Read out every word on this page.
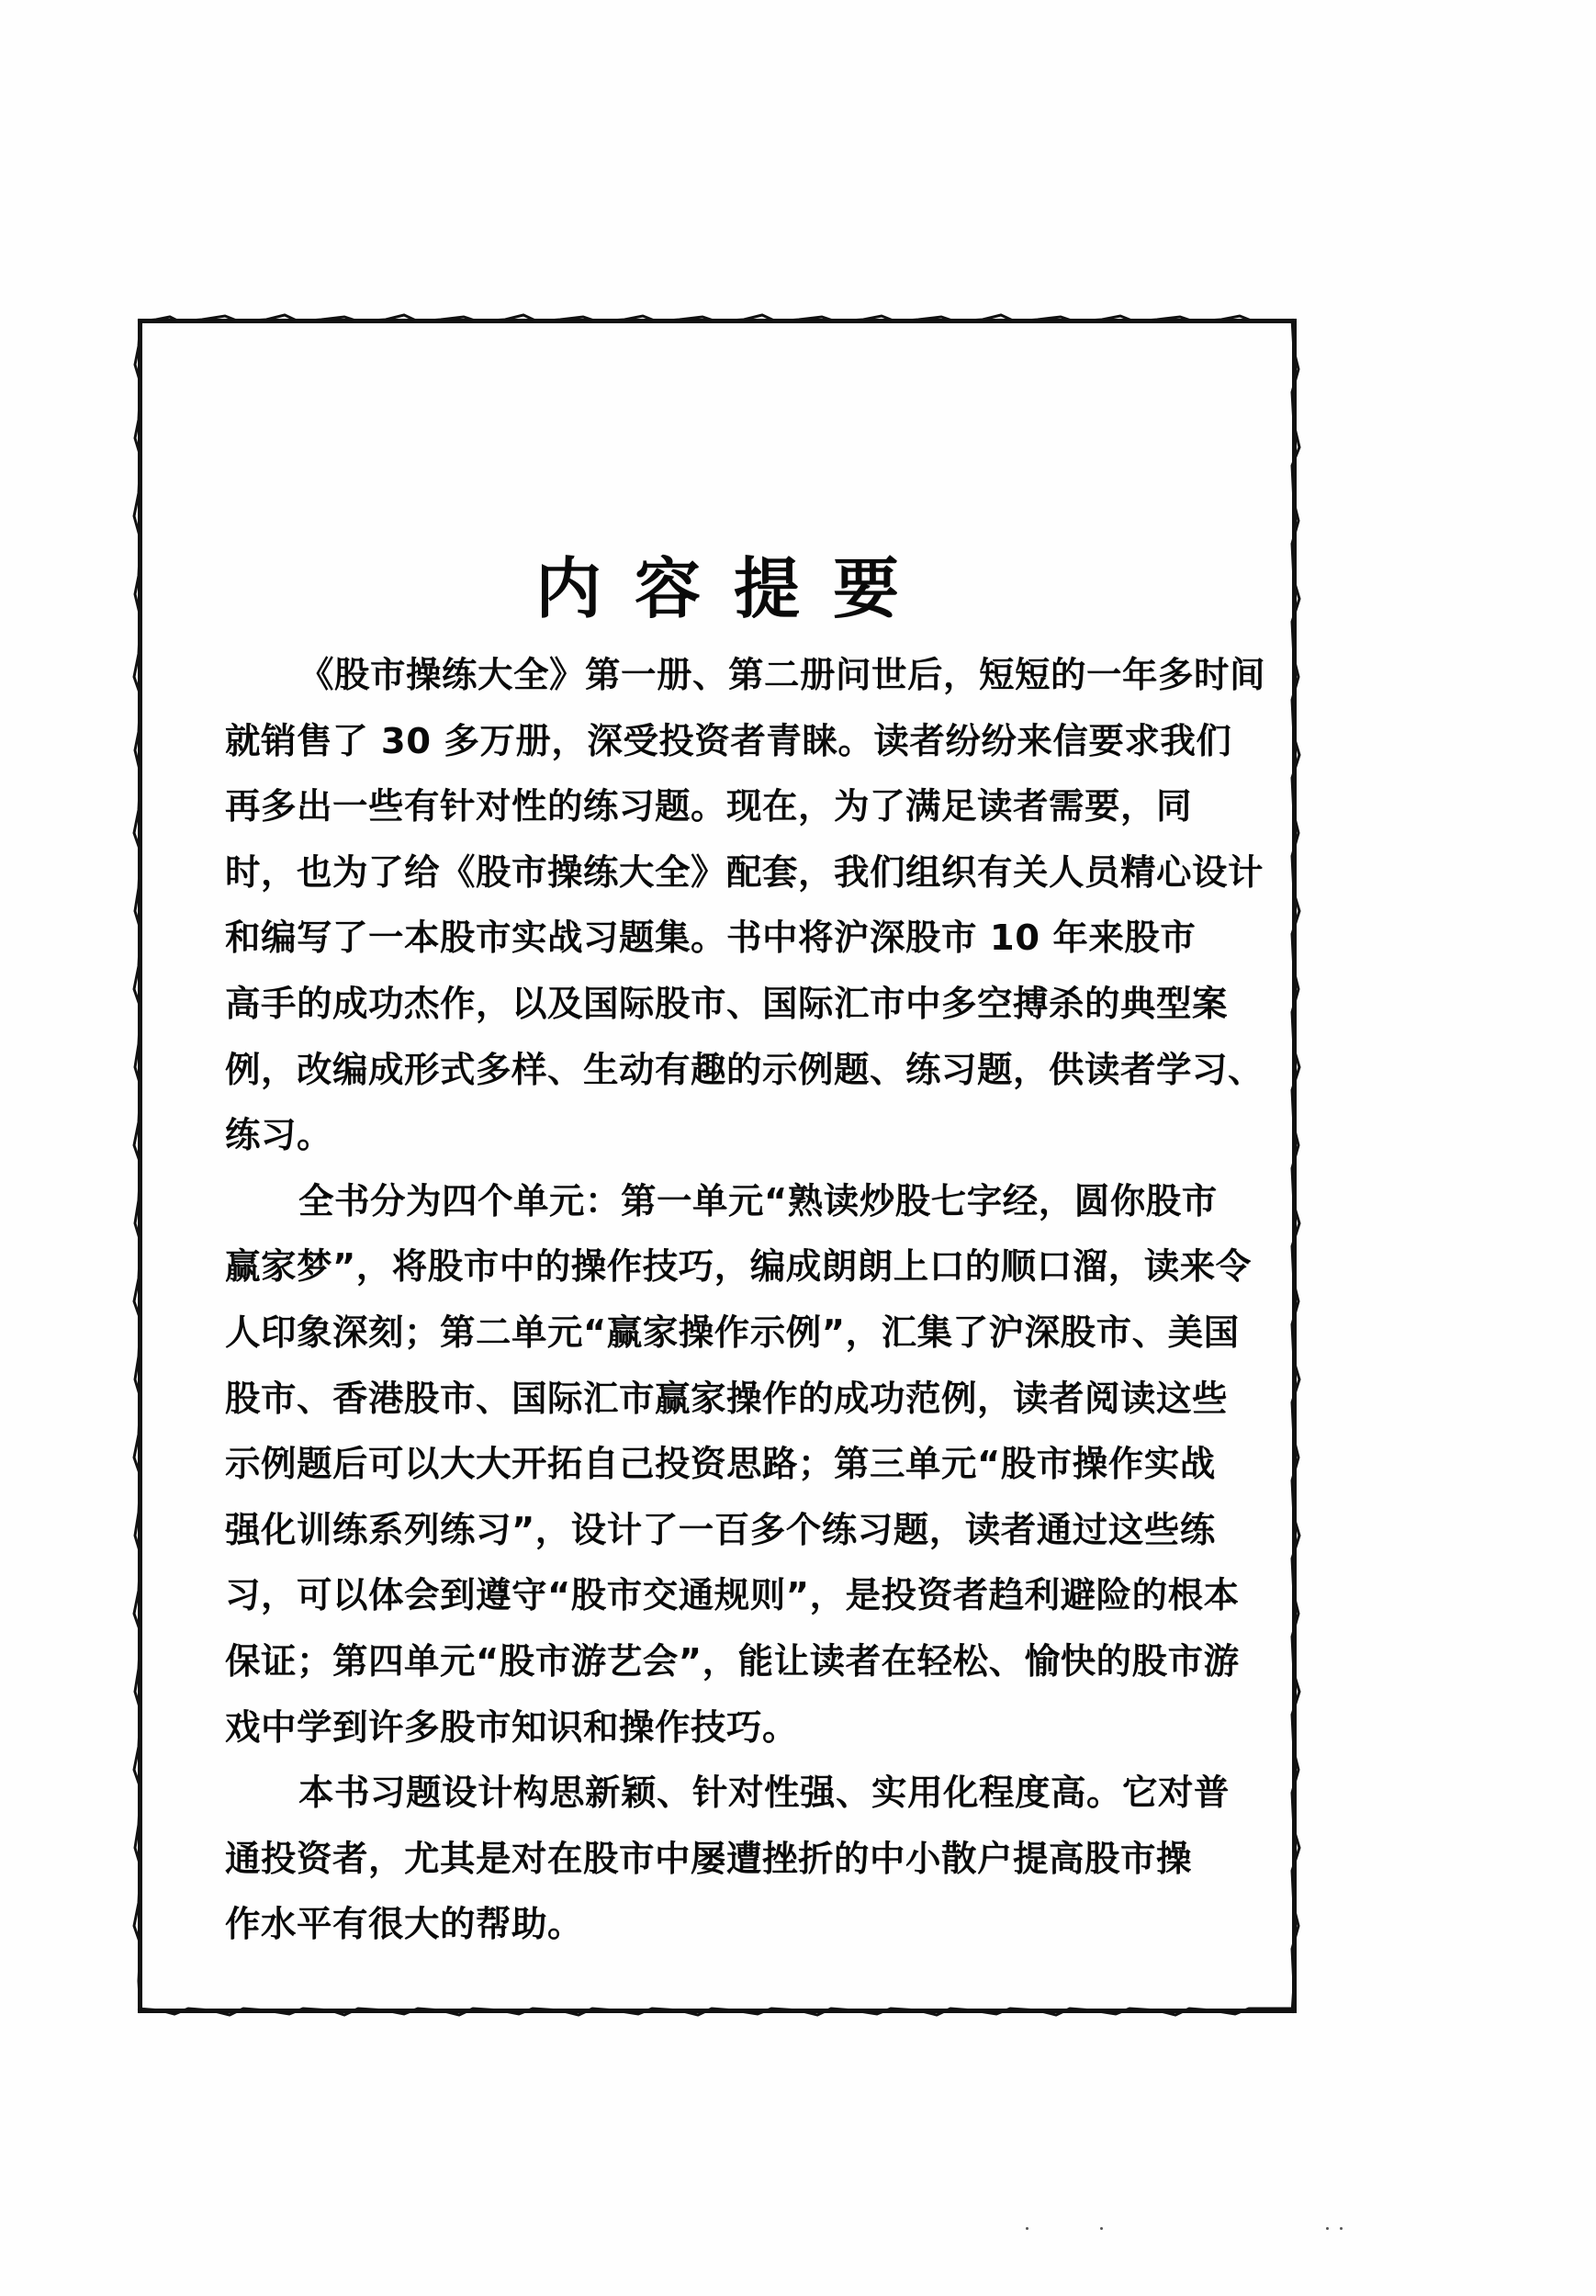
内容提要

《股市操练大全》第一册、第二册问世后，短短的一年多时间
就销售了 30 多万册，深受投资者青睐。读者纷纷来信要求我们
再多出一些有针对性的练习题。现在，为了满足读者需要，同
时，也为了给《股市操练大全》配套，我们组织有关人员精心设计
和编写了一本股市实战习题集。书中将沪深股市 10 年来股市
高手的成功杰作，以及国际股市、国际汇市中多空搏杀的典型案
例，改编成形式多样、生动有趣的示例题、练习题，供读者学习、
练习。

全书分为四个单元：第一单元“熟读炒股七字经，圆你股市
赢家梦”，将股市中的操作技巧，编成朗朗上口的顺口溜，读来令
人印象深刻；第二单元“赢家操作示例”，汇集了沪深股市、美国
股市、香港股市、国际汇市赢家操作的成功范例，读者阅读这些
示例题后可以大大开拓自己投资思路；第三单元“股市操作实战
强化训练系列练习”，设计了一百多个练习题，读者通过这些练
习，可以体会到遵守“股市交通规则”，是投资者趋利避险的根本
保证；第四单元“股市游艺会”，能让读者在轻松、愉快的股市游
戏中学到许多股市知识和操作技巧。

本书习题设计构思新颖、针对性强、实用化程度高。它对普
通投资者，尤其是对在股市中屡遭挫折的中小散户提高股市操
作水平有很大的帮助。
